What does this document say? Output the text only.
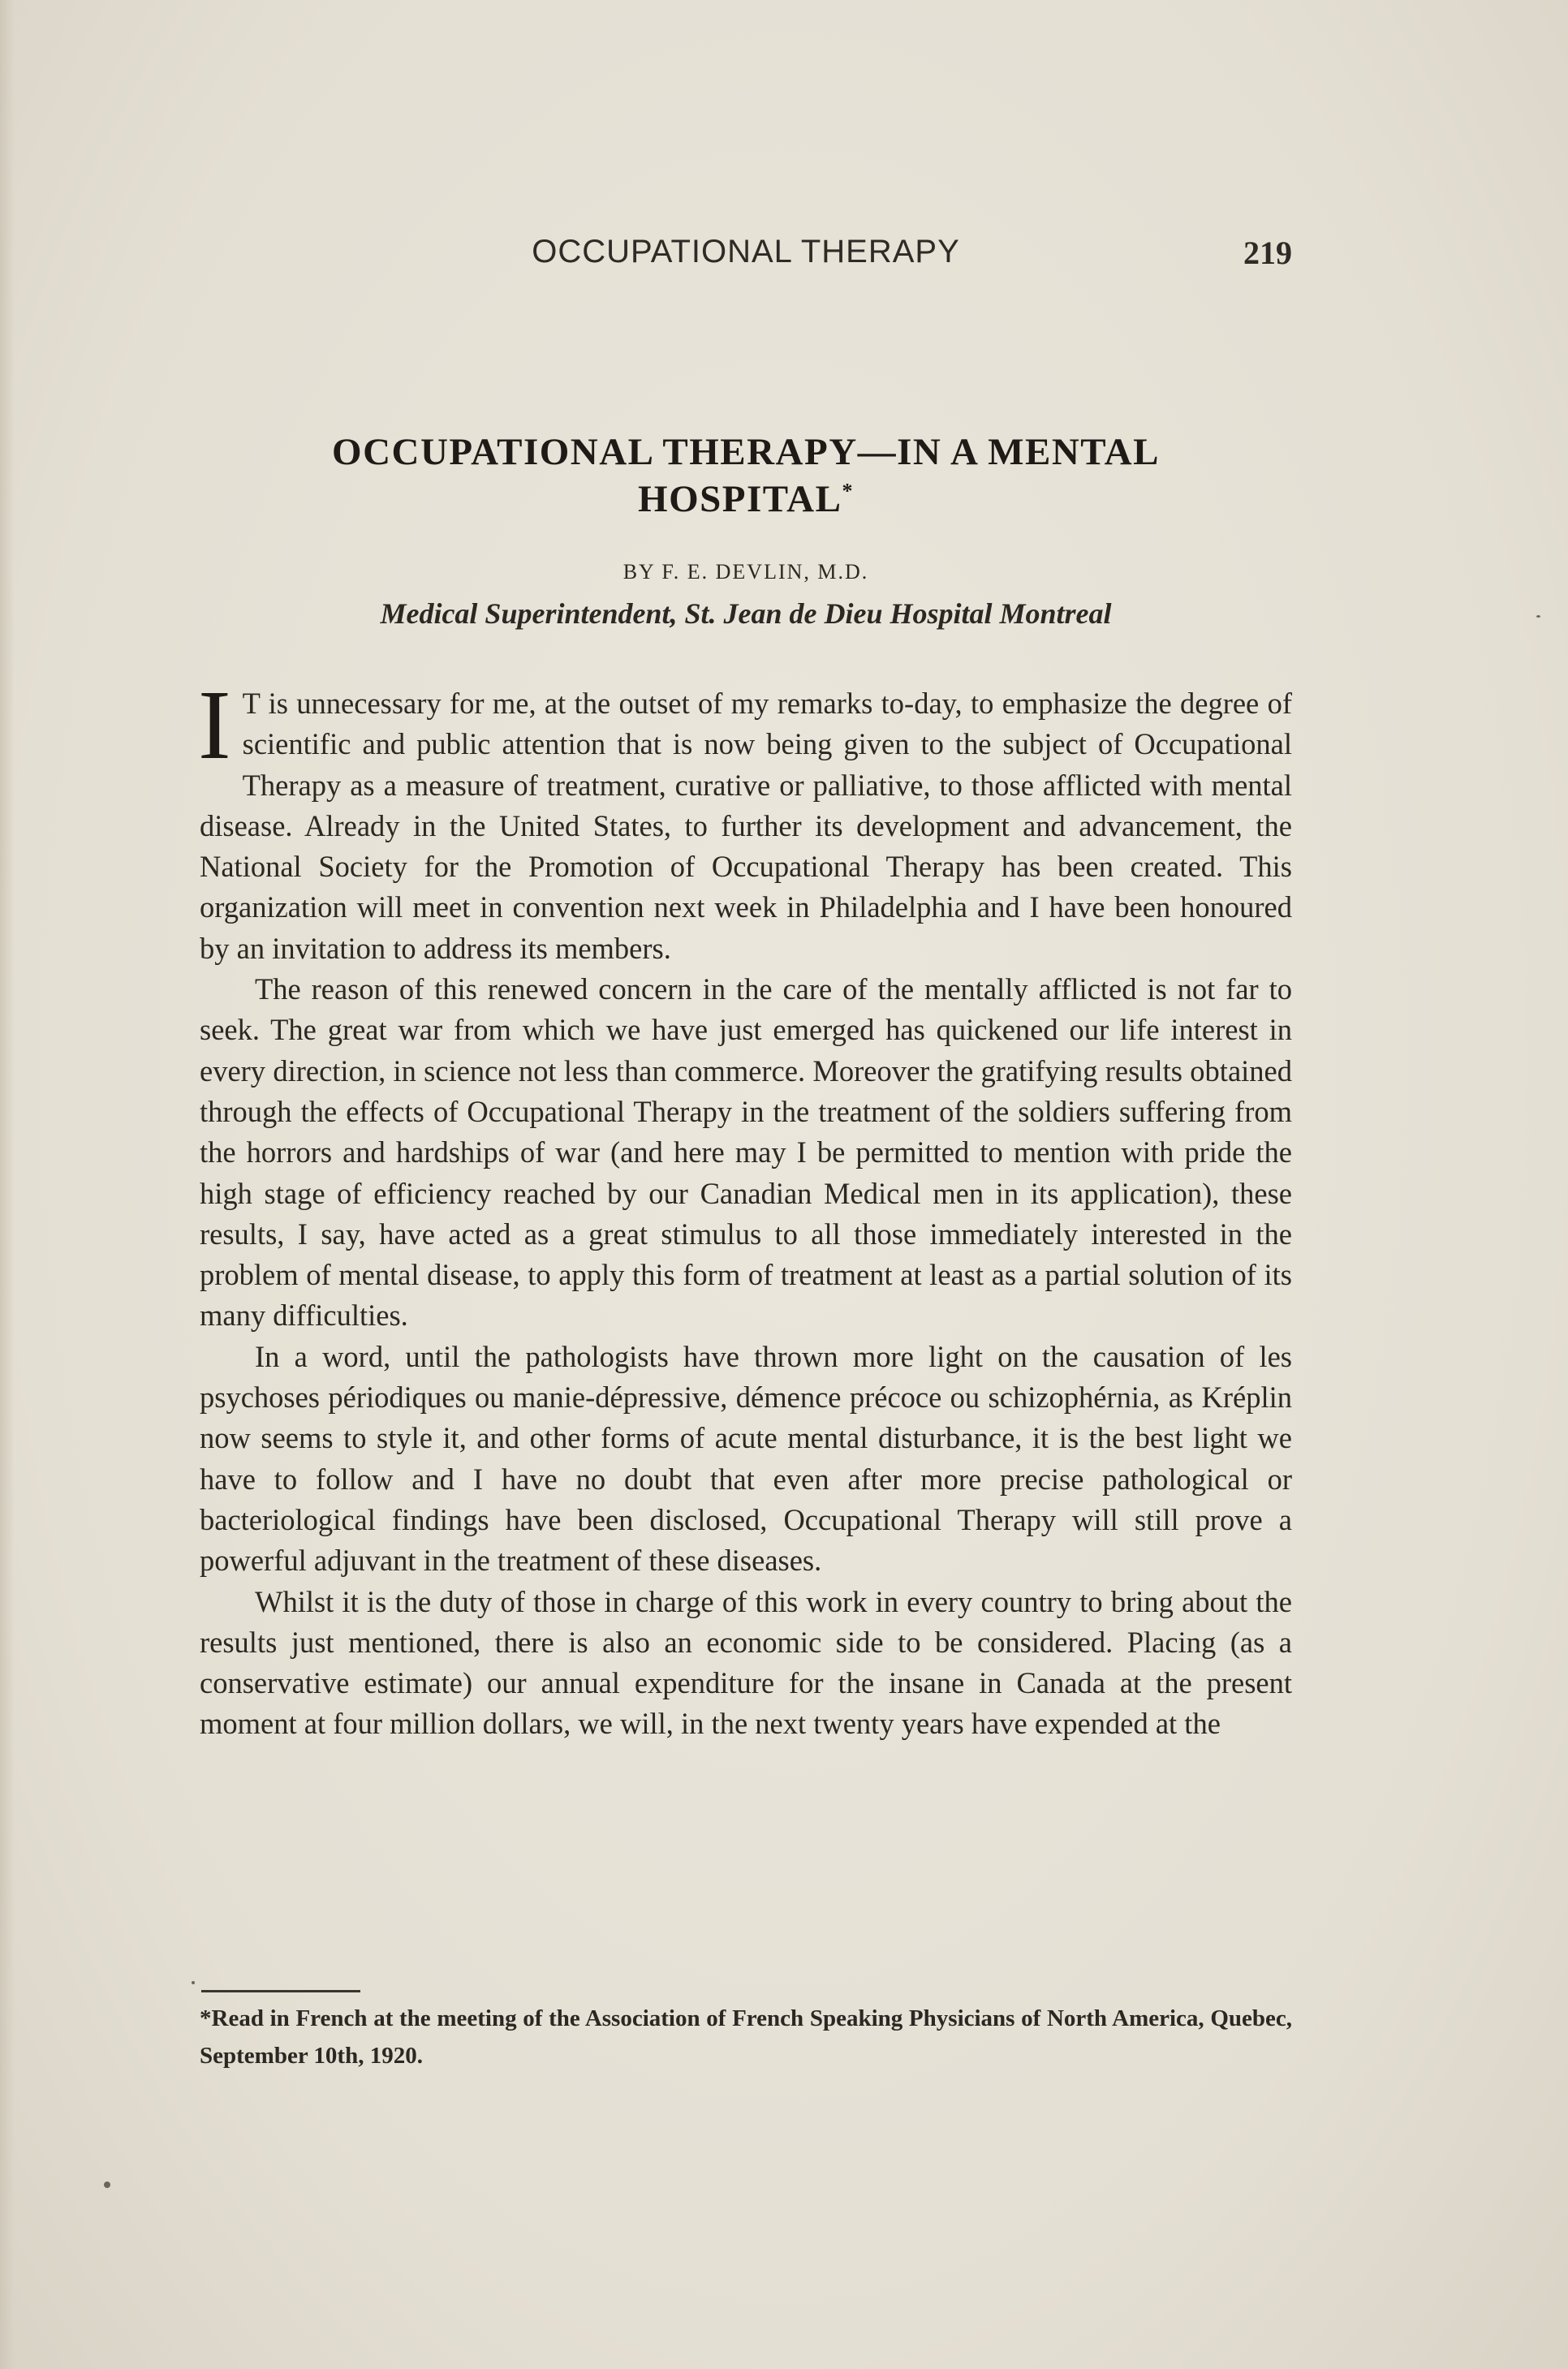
OCCUPATIONAL THERAPY	219
OCCUPATIONAL THERAPY—IN A MENTAL
HOSPITAL*
BY F. E. DEVLIN, M.D.
Medical Superintendent, St. Jean de Dieu Hospital Montreal

I T is unnecessary for me, at the outset of my remarks to-day, to emphasize the degree of scientific and public attention that is now being given to the subject of Occupational Therapy as a measure of treatment, curative or palliative, to those afflicted with mental disease. Already in the United States, to further its development and advancement, the National Society for the Promotion of Occupational Therapy has been created. This organization will meet in convention next week in Philadelphia and I have been honoured by an invitation to address its members.

The reason of this renewed concern in the care of the mentally afflicted is not far to seek. The great war from which we have just emerged has quickened our life interest in every direction, in science not less than commerce. Moreover the gratifying results obtained through the effects of Occupational Therapy in the treatment of the soldiers suffering from the horrors and hardships of war (and here may I be permitted to mention with pride the high stage of efficiency reached by our Canadian Medical men in its application), these results, I say, have acted as a great stimulus to all those immediately interested in the problem of mental disease, to apply this form of treatment at least as a partial solution of its many difficulties.

In a word, until the pathologists have thrown more light on the causation of les psychoses périodiques ou manie-dépressive, démence précoce ou schizophérnia, as Kréplin now seems to style it, and other forms of acute mental disturbance, it is the best light we have to follow and I have no doubt that even after more precise pathological or bacteriological findings have been disclosed, Occupational Therapy will still prove a powerful adjuvant in the treatment of these diseases.

Whilst it is the duty of those in charge of this work in every country to bring about the results just mentioned, there is also an economic side to be considered. Placing (as a conservative estimate) our annual expenditure for the insane in Canada at the present moment at four million dollars, we will, in the next twenty years have expended at the

*Read in French at the meeting of the Association of French Speaking Physicians of North America, Quebec, September 10th, 1920.
